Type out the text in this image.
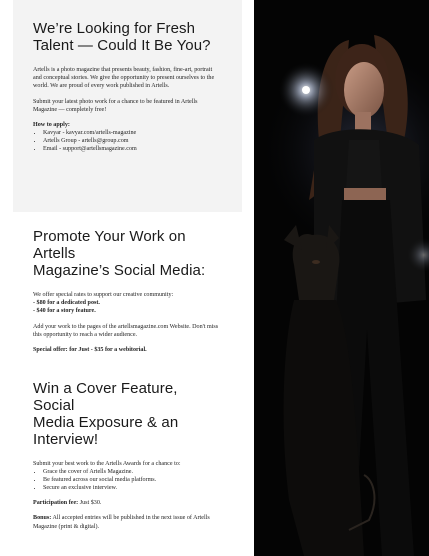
We’re Looking for Fresh
Talent — Could It Be You?

Artells is a photo magazine that presents beauty, fashion, fine-art, portrait and conceptual stories. We give the opportunity to present ourselves to the world. We are proud of every work published in Artells.

Submit your latest photo work for a chance to be featured in Artells Magazine — completely free!

How to apply:

• Kavyar - kavyar.com/artells-magazine
• Artells Group - artells@group.com
• Email - support@artellsmagazine.com
Promote Your Work on Artells
Magazine’s Social Media:

We offer special rates to support our creative community:

- $80 for a dedicated post.

- $40 for a story feature.

Add your work to the pages of the artellsmagazine.com Website. Don't miss this opportunity to reach a wider audience.

Special offer: for Just - $35 for a webitorial.

Win a Cover Feature, Social
Media Exposure & an Interview!

Submit your best work to the Artells Awards for a chance to:

• Grace the cover of Artells Magazine.
• Be featured across our social media platforms.
• Secure an exclusive interview.

Participation fee: Just $30.

Bonus: All accepted entries will be published in the next issue of Artells Magazine (print & digital).
